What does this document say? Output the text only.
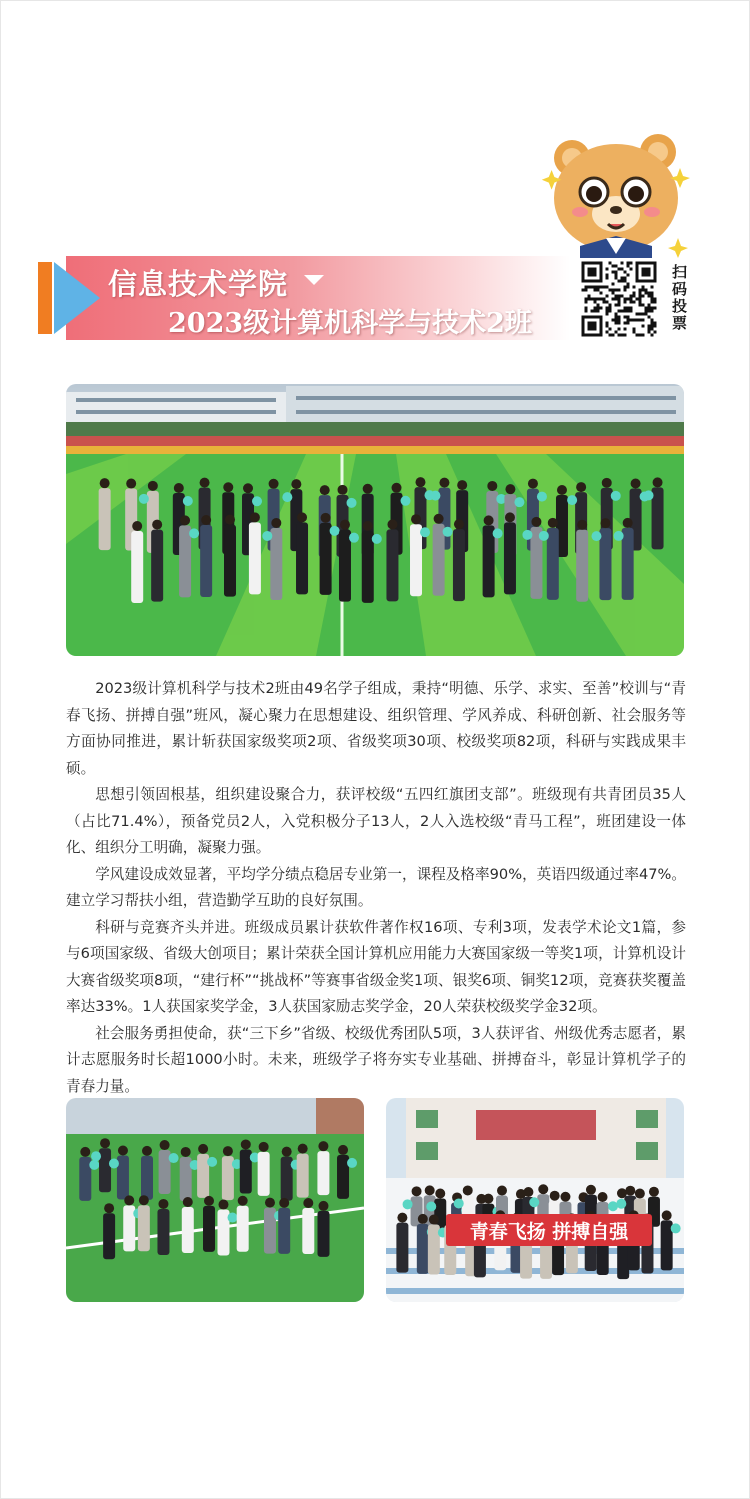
信息技术学院
2023级计算机科学与技术2班	扫码投票

2023级计算机科学与技术2班由49名学子组成，秉持“明德、乐学、求实、至善”校训与“青春飞扬、拼搏自强”班风，凝心聚力在思想建设、组织管理、学风养成、科研创新、社会服务等方面协同推进，累计斩获国家级奖项2项、省级奖项30项、校级奖项82项，科研与实践成果丰硕。

思想引领固根基，组织建设聚合力，获评校级“五四红旗团支部”。班级现有共青团员35人（占比71.4%），预备党员2人，入党积极分子13人，2人入选校级“青马工程”，班团建设一体化、组织分工明确，凝聚力强。

学风建设成效显著，平均学分绩点稳居专业第一，课程及格率90%，英语四级通过率47%。建立学习帮扶小组，营造勤学互助的良好氛围。

科研与竞赛齐头并进。班级成员累计获软件著作权16项、专利3项，发表学术论文1篇，参与6项国家级、省级大创项目；累计荣获全国计算机应用能力大赛国家级一等奖1项，计算机设计大赛省级奖项8项，“建行杯”“挑战杯”等赛事省级金奖1项、银奖6项、铜奖12项，竞赛获奖覆盖率达33%。1人获国家奖学金，3人获国家励志奖学金，20人荣获校级奖学金32项。

社会服务勇担使命，获“三下乡”省级、校级优秀团队5项，3人获评省、州级优秀志愿者，累计志愿服务时长超1000小时。未来，班级学子将夯实专业基础、拼搏奋斗，彰显计算机学子的青春力量。

青春飞扬 拼搏自强
